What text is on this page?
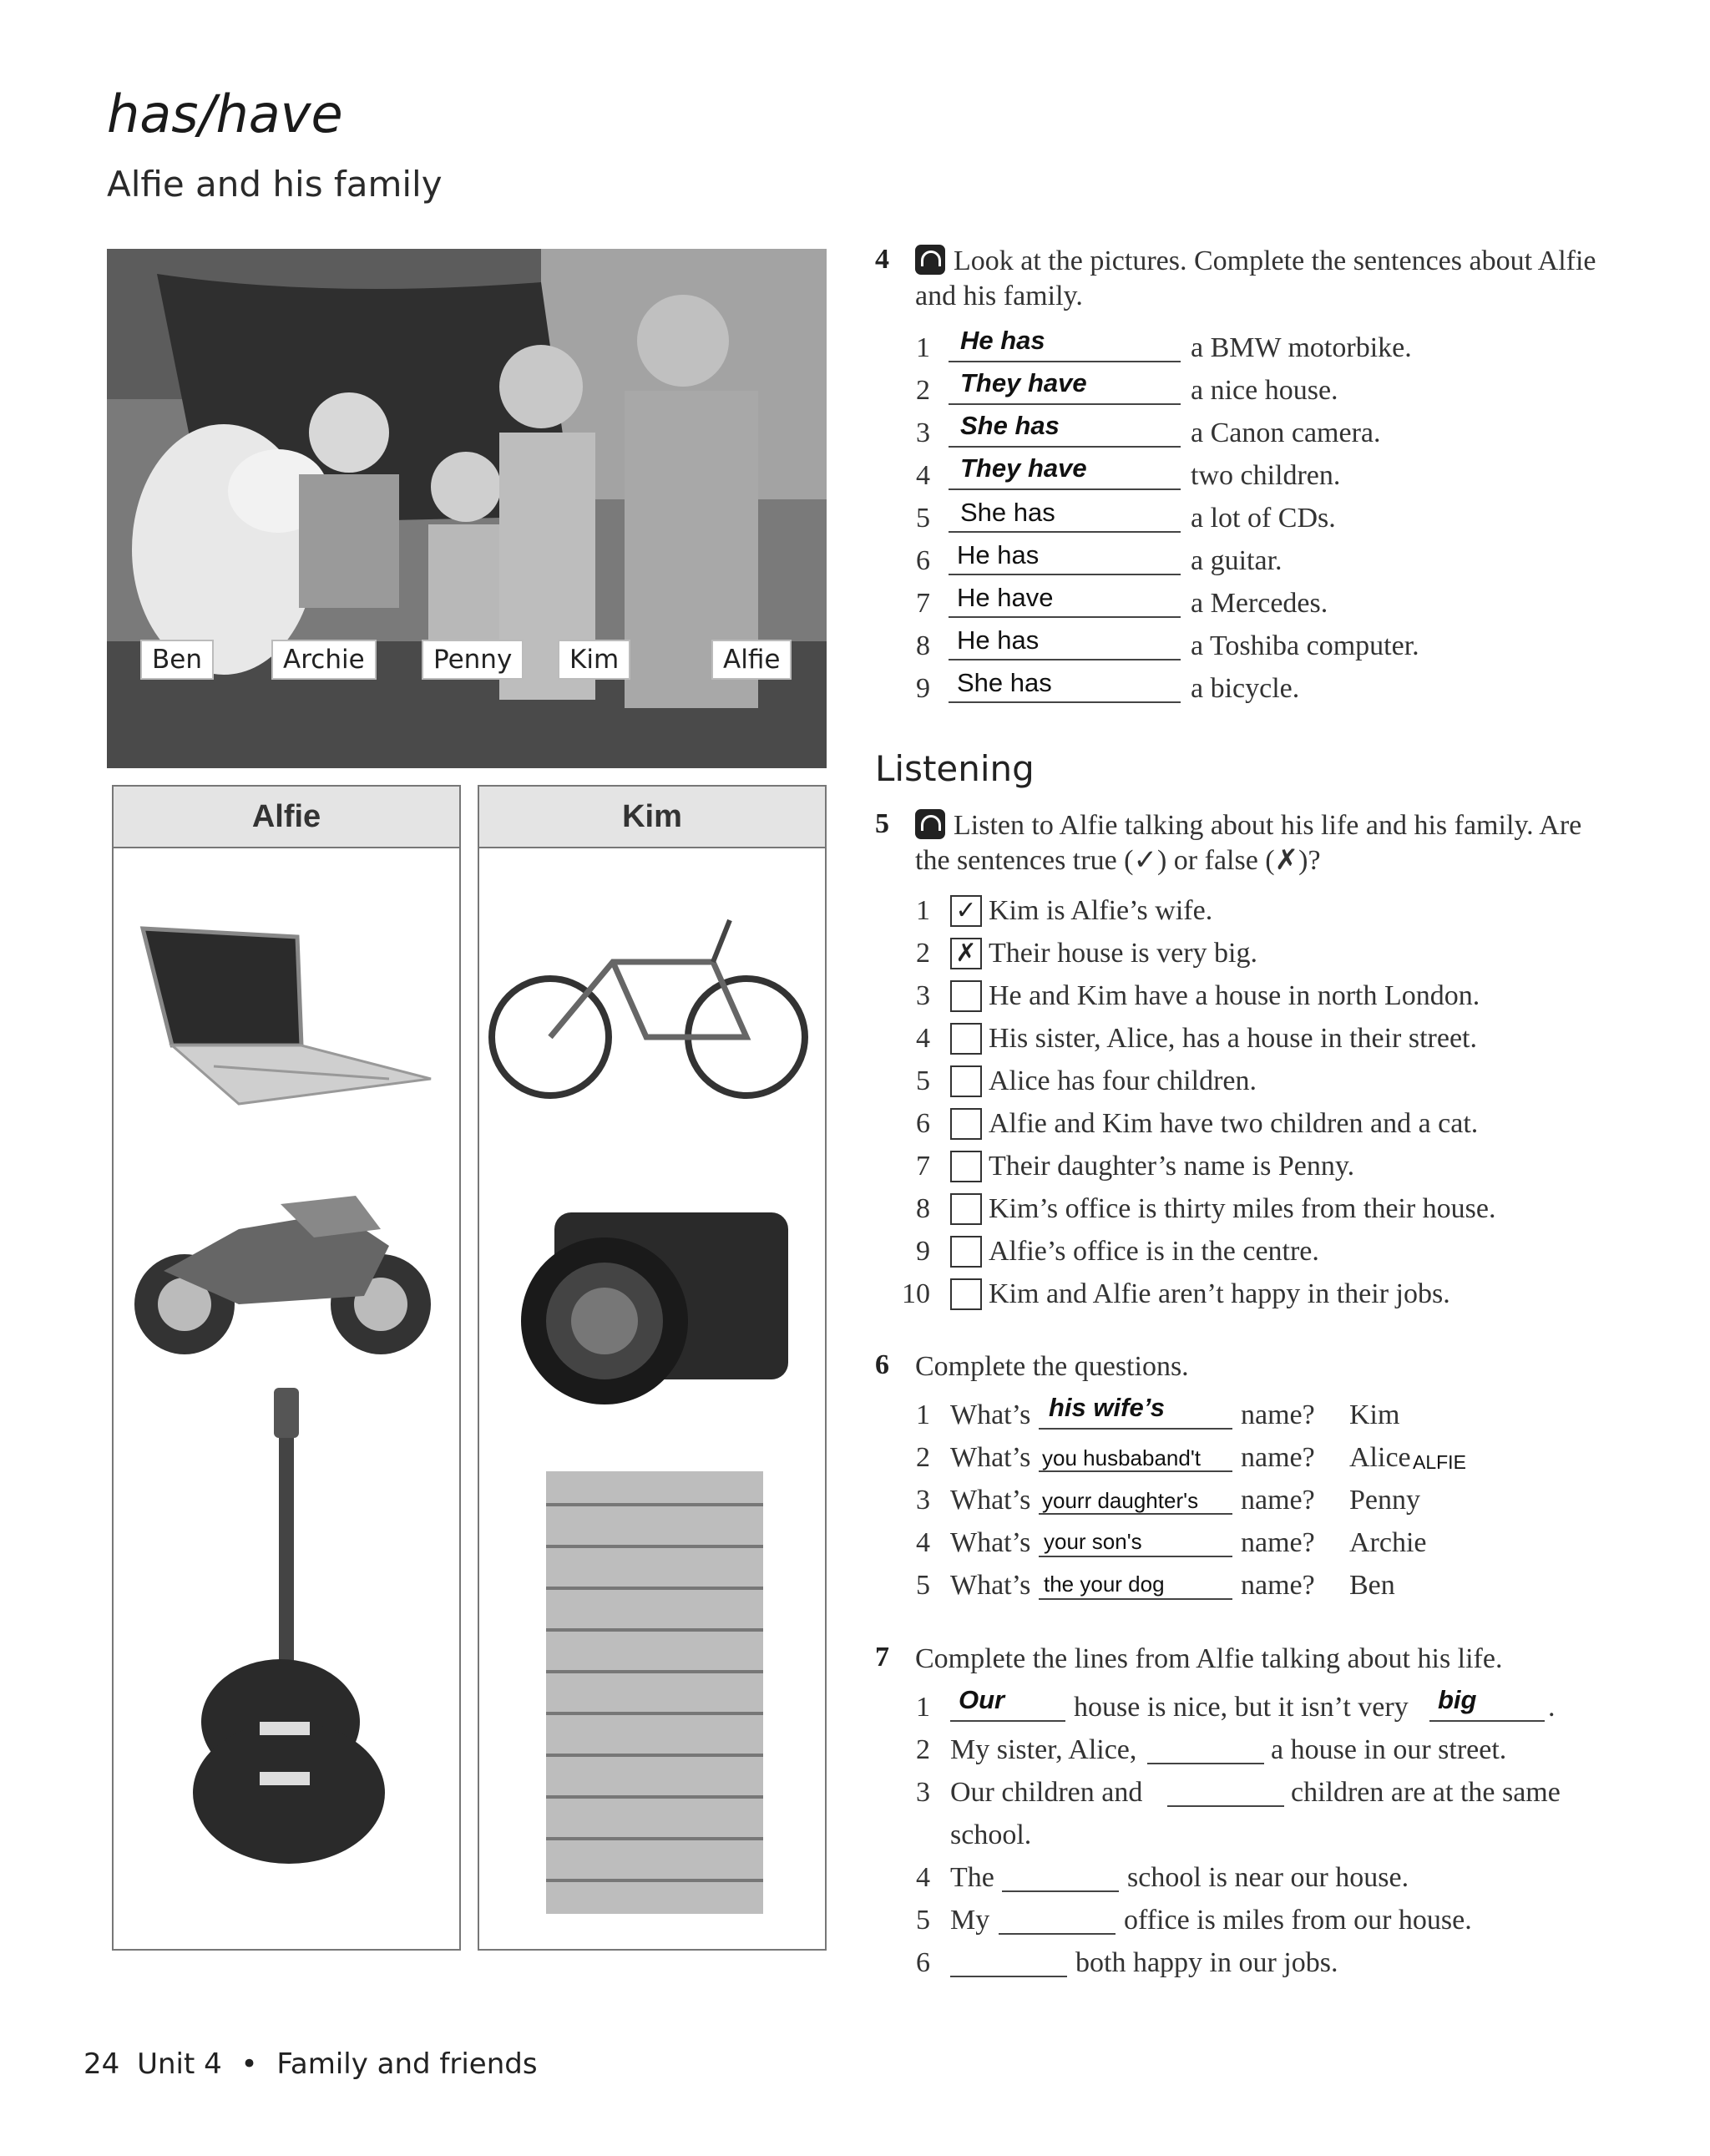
has/have
Alfie and his family
Ben	Archie	Penny	Kim	Alfie
Alfie	Kim
4	Look at the pictures. Complete the sentences about Alfie and his family.
1 He has	a BMW motorbike.
2 They have	a nice house.
3 She has	a Canon camera.
4 They have	two children.
5 She has	a lot of CDs.
6 He has	a guitar.
7 He have	a Mercedes.
8 He has	a Toshiba computer.
9 She has	a bicycle.
Listening
5	Listen to Alfie talking about his life and his family. Are the sentences true (✓) or false (✗)?
1 ✓ Kim is Alfie’s wife.
2 ✗ Their house is very big.
3 He and Kim have a house in north London.
4 His sister, Alice, has a house in their street.
5 Alice has four children.
6 Alfie and Kim have two children and a cat.
7 Their daughter’s name is Penny.
8 Kim’s office is thirty miles from their house.
9 Alfie’s office is in the centre.
10 Kim and Alfie aren’t happy in their jobs.
6 Complete the questions.
1 What’s his wife’s	name? Kim
2 What’s you husbaband't name? Alice ALFIE
3 What’s yourr daughter's name? Penny
4 What’s your son's	name? Archie
5 What’s the your dog	name? Ben
7 Complete the lines from Alfie talking about his life.
1 Our house is nice, but it isn’t very big	.
2 My sister, Alice,	a house in our street.
3 Our children and	children are at the same
school.
4 The	school is near our house.
5 My	office is miles from our house.
6	both happy in our jobs.
24 Unit 4 • Family and friends
